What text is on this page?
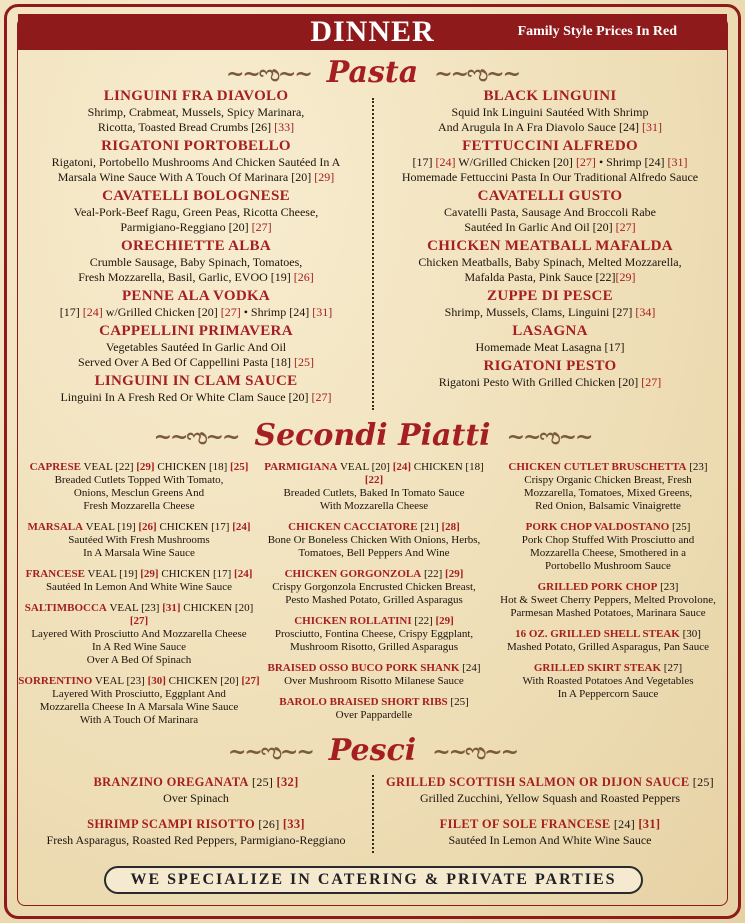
DINNER	Family Style Prices In Red
~~ಌ~~ Pasta ~~ಌ~~
LINGUINI FRA DIAVOLO
Shrimp, Crabmeat, Mussels, Spicy Marinara,
Ricotta, Toasted Bread Crumbs [26] [33]
RIGATONI PORTOBELLO
Rigatoni, Portobello Mushrooms And Chicken Sautéed In A
Marsala Wine Sauce With A Touch Of Marinara [20] [29]
CAVATELLI BOLOGNESE
Veal-Pork-Beef Ragu, Green Peas, Ricotta Cheese,
Parmigiano-Reggiano [20] [27]
ORECHIETTE ALBA
Crumble Sausage, Baby Spinach, Tomatoes,
Fresh Mozzarella, Basil, Garlic, EVOO [19] [26]
PENNE ALA VODKA
[17] [24] w/Grilled Chicken [20] [27] • Shrimp [24] [31]
CAPPELLINI PRIMAVERA
Vegetables Sautéed In Garlic And Oil
Served Over A Bed Of Cappellini Pasta [18] [25]
LINGUINI IN CLAM SAUCE
Linguini In A Fresh Red Or White Clam Sauce [20] [27]
BLACK LINGUINI
Squid Ink Linguini Sautéed With Shrimp
And Arugula In A Fra Diavolo Sauce [24] [31]
FETTUCCINI ALFREDO
[17] [24] W/Grilled Chicken [20] [27] • Shrimp [24] [31]
Homemade Fettuccini Pasta In Our Traditional Alfredo Sauce
CAVATELLI GUSTO
Cavatelli Pasta, Sausage And Broccoli Rabe
Sautéed In Garlic And Oil [20] [27]
CHICKEN MEATBALL MAFALDA
Chicken Meatballs, Baby Spinach, Melted Mozzarella,
Mafalda Pasta, Pink Sauce [22][29]
ZUPPE DI PESCE
Shrimp, Mussels, Clams, Linguini [27] [34]
LASAGNA
Homemade Meat Lasagna [17]
RIGATONI PESTO
Rigatoni Pesto With Grilled Chicken [20] [27]
~~ಌ~~ Secondi Piatti ~~ಌ~~
CAPRESE VEAL [22] [29] CHICKEN [18] [25]
Breaded Cutlets Topped With Tomato,
Onions, Mesclun Greens And
Fresh Mozzarella Cheese
MARSALA VEAL [19] [26] CHICKEN [17] [24]
Sautéed With Fresh Mushrooms
In A Marsala Wine Sauce
FRANCESE VEAL [19] [29] CHICKEN [17] [24]
Sautéed In Lemon And White Wine Sauce
SALTIMBOCCA VEAL [23] [31] CHICKEN [20] [27]
Layered With Prosciutto And Mozzarella Cheese
In A Red Wine Sauce
Over A Bed Of Spinach
SORRENTINO VEAL [23] [30] CHICKEN [20] [27]
Layered With Prosciutto, Eggplant And
Mozzarella Cheese In A Marsala Wine Sauce
With A Touch Of Marinara
PARMIGIANA VEAL [20] [24] CHICKEN [18] [22]
Breaded Cutlets, Baked In Tomato Sauce
With Mozzarella Cheese
CHICKEN CACCIATORE [21] [28]
Bone Or Boneless Chicken With Onions, Herbs,
Tomatoes, Bell Peppers And Wine
CHICKEN GORGONZOLA [22] [29]
Crispy Gorgonzola Encrusted Chicken Breast,
Pesto Mashed Potato, Grilled Asparagus
CHICKEN ROLLATINI [22] [29]
Prosciutto, Fontina Cheese, Crispy Eggplant,
Mushroom Risotto, Grilled Asparagus
BRAISED OSSO BUCO PORK SHANK [24]
Over Mushroom Risotto Milanese Sauce
BAROLO BRAISED SHORT RIBS [25]
Over Pappardelle
CHICKEN CUTLET BRUSCHETTA [23]
Crispy Organic Chicken Breast, Fresh
Mozzarella, Tomatoes, Mixed Greens,
Red Onion, Balsamic Vinaigrette
PORK CHOP VALDOSTANO [25]
Pork Chop Stuffed With Prosciutto and
Mozzarella Cheese, Smothered in a
Portobello Mushroom Sauce
GRILLED PORK CHOP [23]
Hot & Sweet Cherry Peppers, Melted Provolone,
Parmesan Mashed Potatoes, Marinara Sauce
16 OZ. GRILLED SHELL STEAK [30]
Mashed Potato, Grilled Asparagus, Pan Sauce
GRILLED SKIRT STEAK [27]
With Roasted Potatoes And Vegetables
In A Peppercorn Sauce
~~ಌ~~ Pesci ~~ಌ~~
BRANZINO OREGANATA [25] [32]
Over Spinach
SHRIMP SCAMPI RISOTTO [26] [33]
Fresh Asparagus, Roasted Red Peppers, Parmigiano-Reggiano
GRILLED SCOTTISH SALMON OR DIJON SAUCE [25]
Grilled Zucchini, Yellow Squash and Roasted Peppers
FILET OF SOLE FRANCESE [24] [31]
Sautéed In Lemon And White Wine Sauce
WE SPECIALIZE IN CATERING & PRIVATE PARTIES
